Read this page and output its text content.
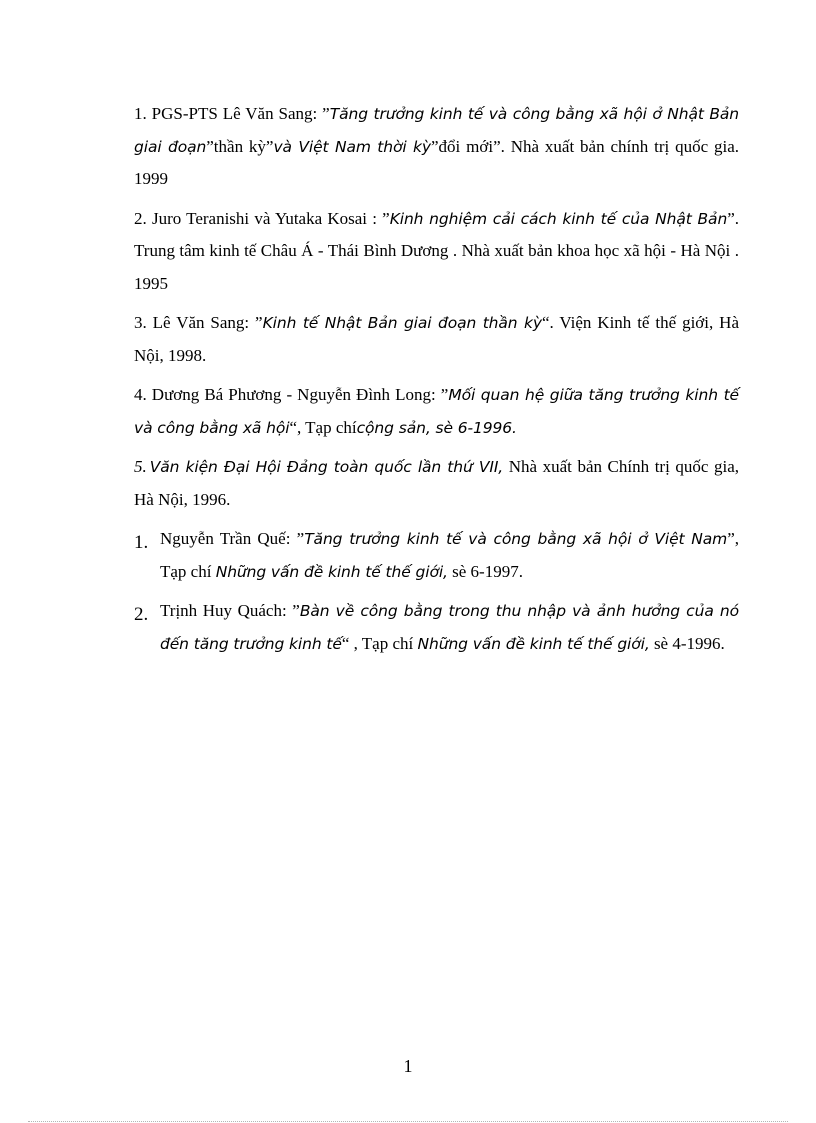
1. PGS-PTS Lê Văn Sang: ”Tăng trưởng kinh tế và công bằng xã hội ở Nhật Bản giai đoạn”thần kỳ”và Việt Nam thời kỳ”đổi mới”. Nhà xuất bản chính trị quốc gia. 1999

2. Juro Teranishi và Yutaka Kosai : ”Kinh nghiệm cải cách kinh tế của Nhật Bản”. Trung tâm kinh tế Châu Á - Thái Bình Dương . Nhà xuất bản khoa học xã hội - Hà Nội . 1995

3. Lê Văn Sang: ”Kinh tế Nhật Bản giai đoạn thần kỳ“. Viện Kinh tế thế giới, Hà Nội, 1998.

4. Dương Bá Phương - Nguyễn Đình Long: ”Mối quan hệ giữa tăng trưởng kinh tế và công bằng xã hội“, Tạp chícộng sản, sè 6-1996.

5. Văn kiện Đại Hội Đảng toàn quốc lần thứ VII, Nhà xuất bản Chính trị quốc gia, Hà Nội, 1996.

1. Nguyễn Trần Quế: ”Tăng trưởng kinh tế và công bằng xã hội ở Việt Nam”, Tạp chí Những vấn đề kinh tế thế giới, sè 6-1997.

2. Trịnh Huy Quách: ”Bàn về công bằng trong thu nhập và ảnh hưởng của nó đến tăng trưởng kinh tế“ , Tạp chí Những vấn đề kinh tế thế giới, sè 4-1996.

1
